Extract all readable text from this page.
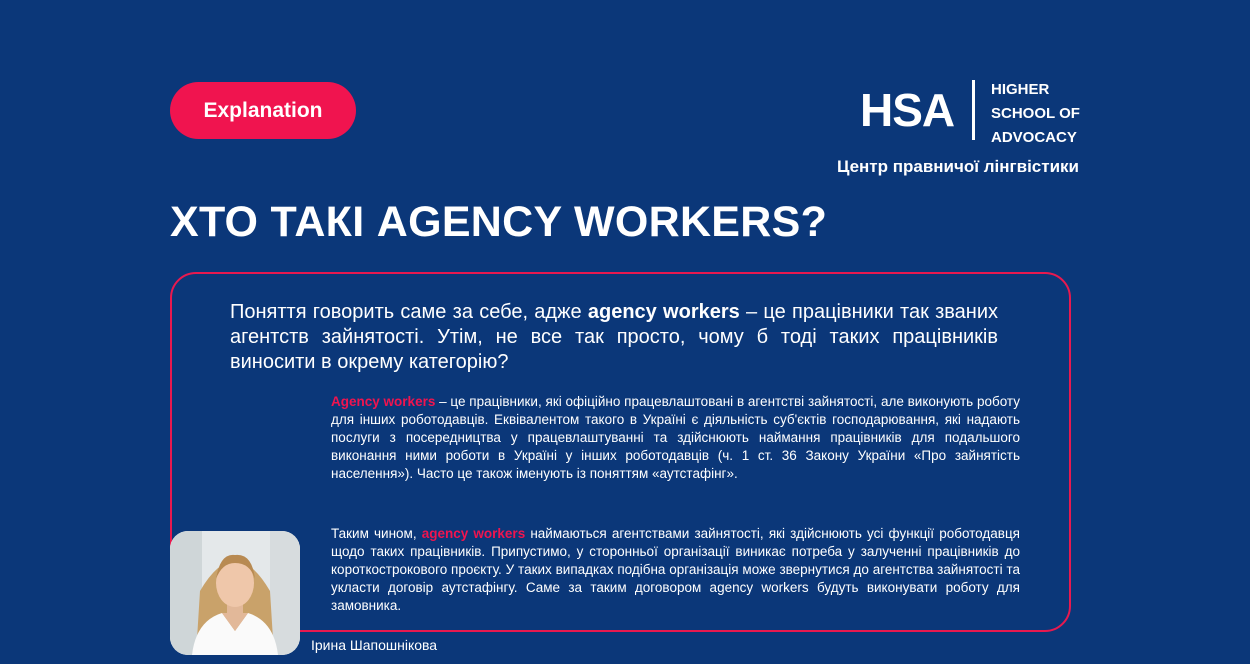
Explanation	HSA HIGHER
SCHOOL OF
ADVOCACY
Центр правничої лінгвістики
ХТО ТАКІ AGENCY WORKERS?

Поняття говорить саме за себе, адже agency workers – це працівники так званих агентств зайнятості. Утім, не все так просто, чому б тоді таких працівників виносити в окрему категорію?

Agency workers – це працівники, які офіційно працевлаштовані в агентстві зайнятості, але виконують роботу для інших роботодавців. Еквівалентом такого в Україні є діяльність суб'єктів господарювання, які надають послуги з посередництва у працевлаштуванні та здійснюють наймання працівників для подальшого виконання ними роботи в Україні у інших роботодавців (ч. 1 ст. 36 Закону України «Про зайнятість населення»). Часто це також іменують із поняттям «аутстафінг».

Таким чином, agency workers наймаються агентствами зайнятості, які здійснюють усі функції роботодавця щодо таких працівників. Припустимо, у сторонньої організації виникає потреба у залученні працівників до короткострокового проєкту. У таких випадках подібна організація може звернутися до агентства зайнятості та укласти договір аутстафінгу. Саме за таким договором agency workers будуть виконувати роботу для замовника.

Ірина Шапошнікова
